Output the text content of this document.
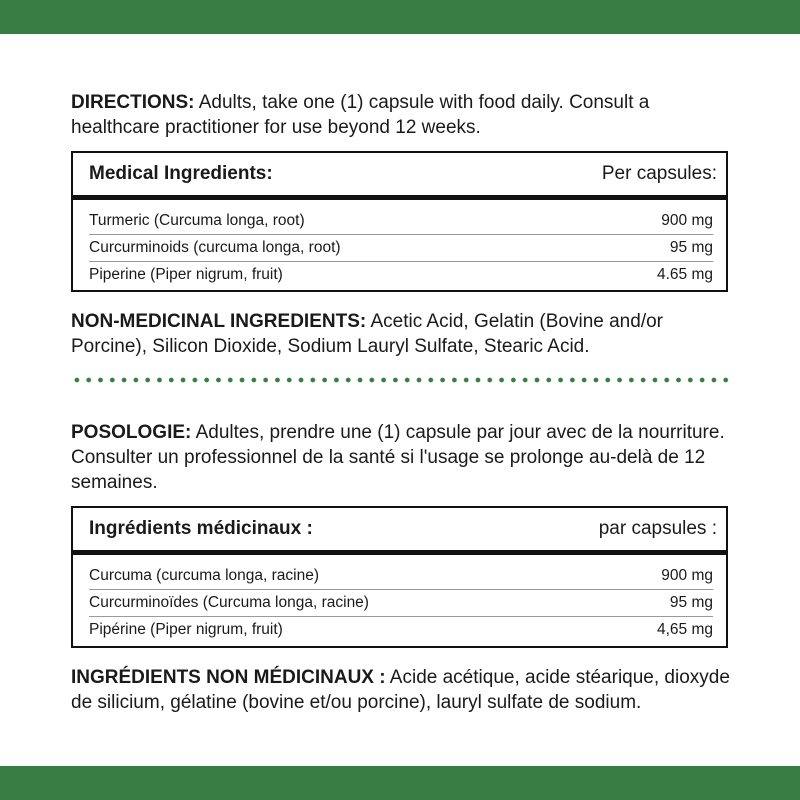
DIRECTIONS: Adults, take one (1) capsule with food daily. Consult a healthcare practitioner for use beyond 12 weeks.

Medical Ingredients:	Per capsules:
Turmeric (Curcuma longa, root)	900 mg
Curcurminoids (curcuma longa, root)	95 mg
Piperine (Piper nigrum, fruit)	4.65 mg

NON-MEDICINAL INGREDIENTS: Acetic Acid, Gelatin (Bovine and/or Porcine), Silicon Dioxide, Sodium Lauryl Sulfate, Stearic Acid.

POSOLOGIE: Adultes, prendre une (1) capsule par jour avec de la nourriture. Consulter un professionnel de la santé si l'usage se prolonge au-delà de 12 semaines.

Ingrédients médicinaux :	par capsules :
Curcuma (curcuma longa, racine)	900 mg
Curcurminoïdes (Curcuma longa, racine)	95 mg
Pipérine (Piper nigrum, fruit)	4,65 mg

INGRÉDIENTS NON MÉDICINAUX : Acide acétique, acide stéarique, dioxyde de silicium, gélatine (bovine et/ou porcine), lauryl sulfate de sodium.
